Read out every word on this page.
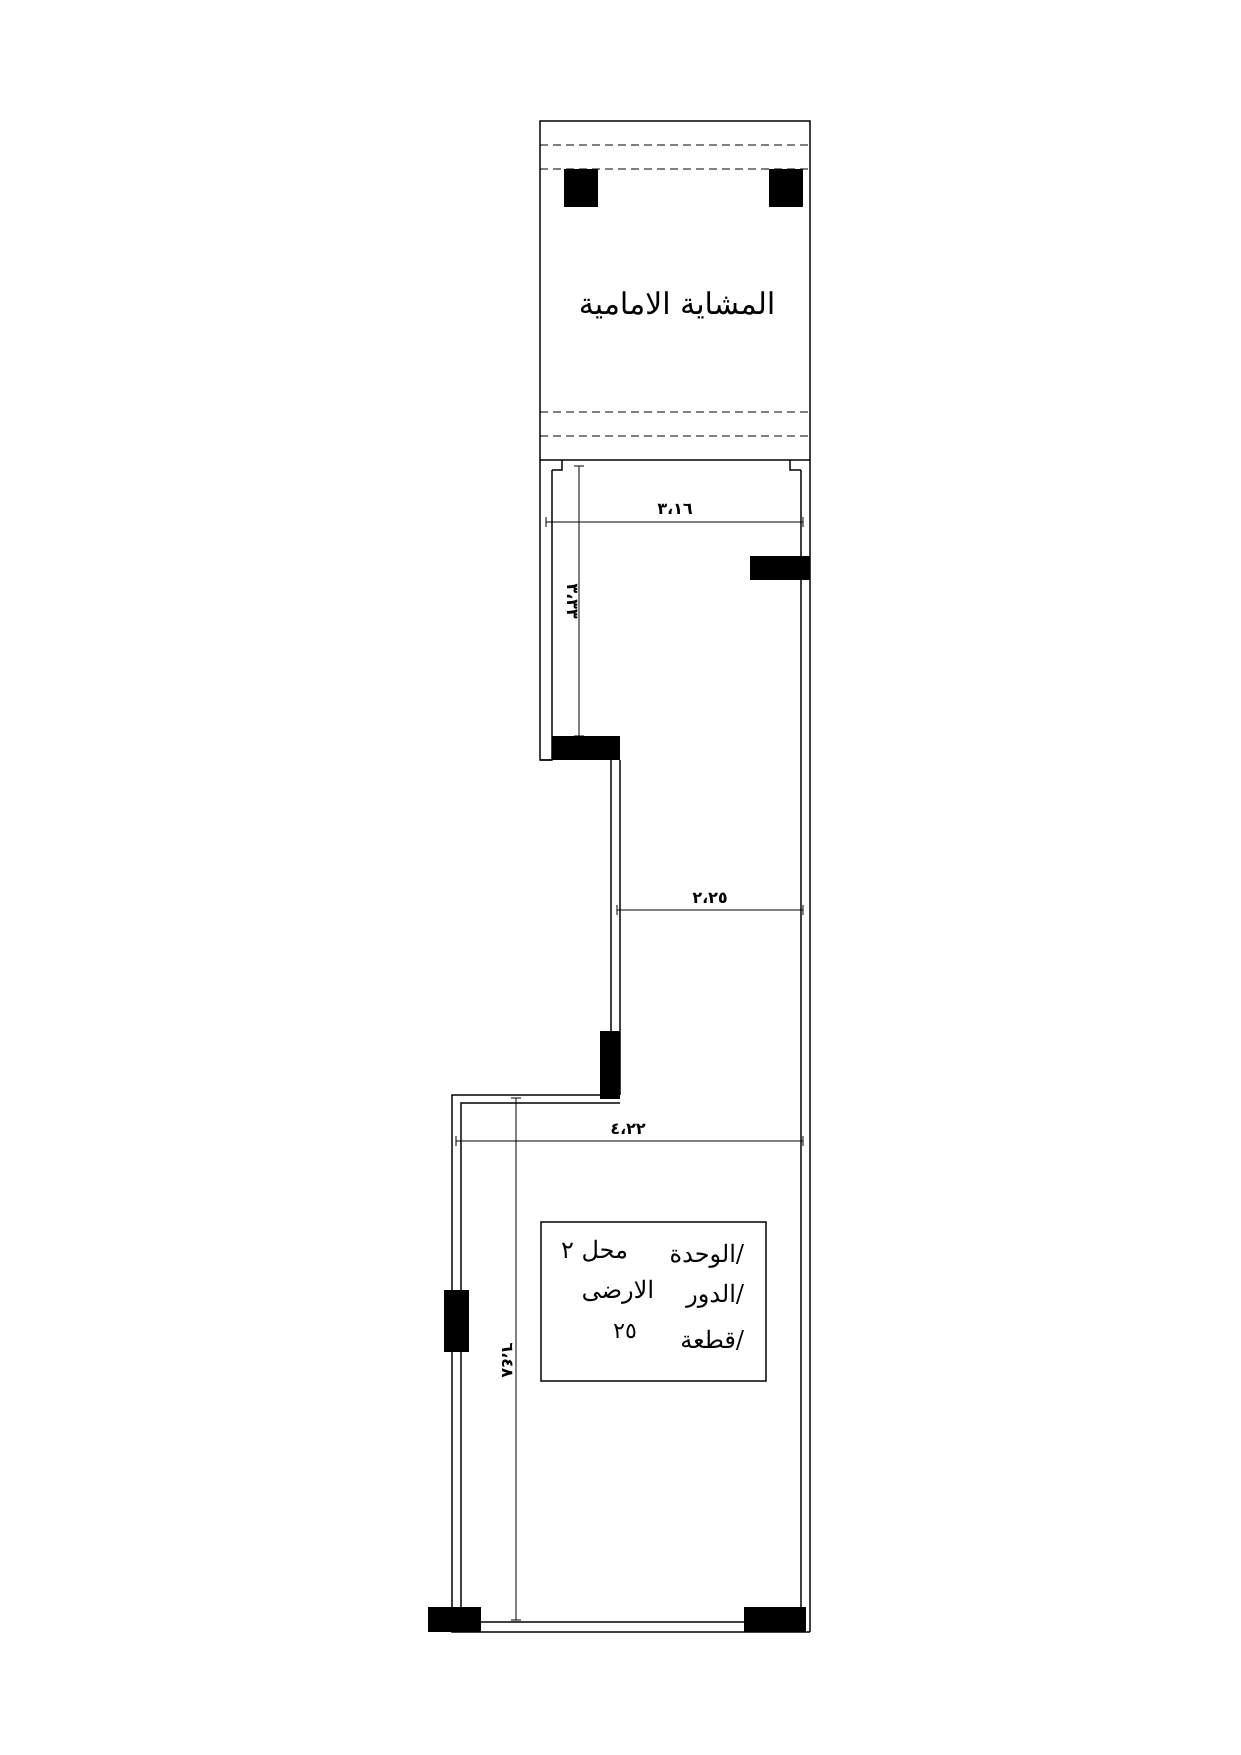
المشاية الامامية
٣،١٦
٣،٣٣
٢،٢٥
٤،٢٢
٦،٤٨
الوحدة/
محل ٢
الدور/
الارضى
قطعة/
٢٥
